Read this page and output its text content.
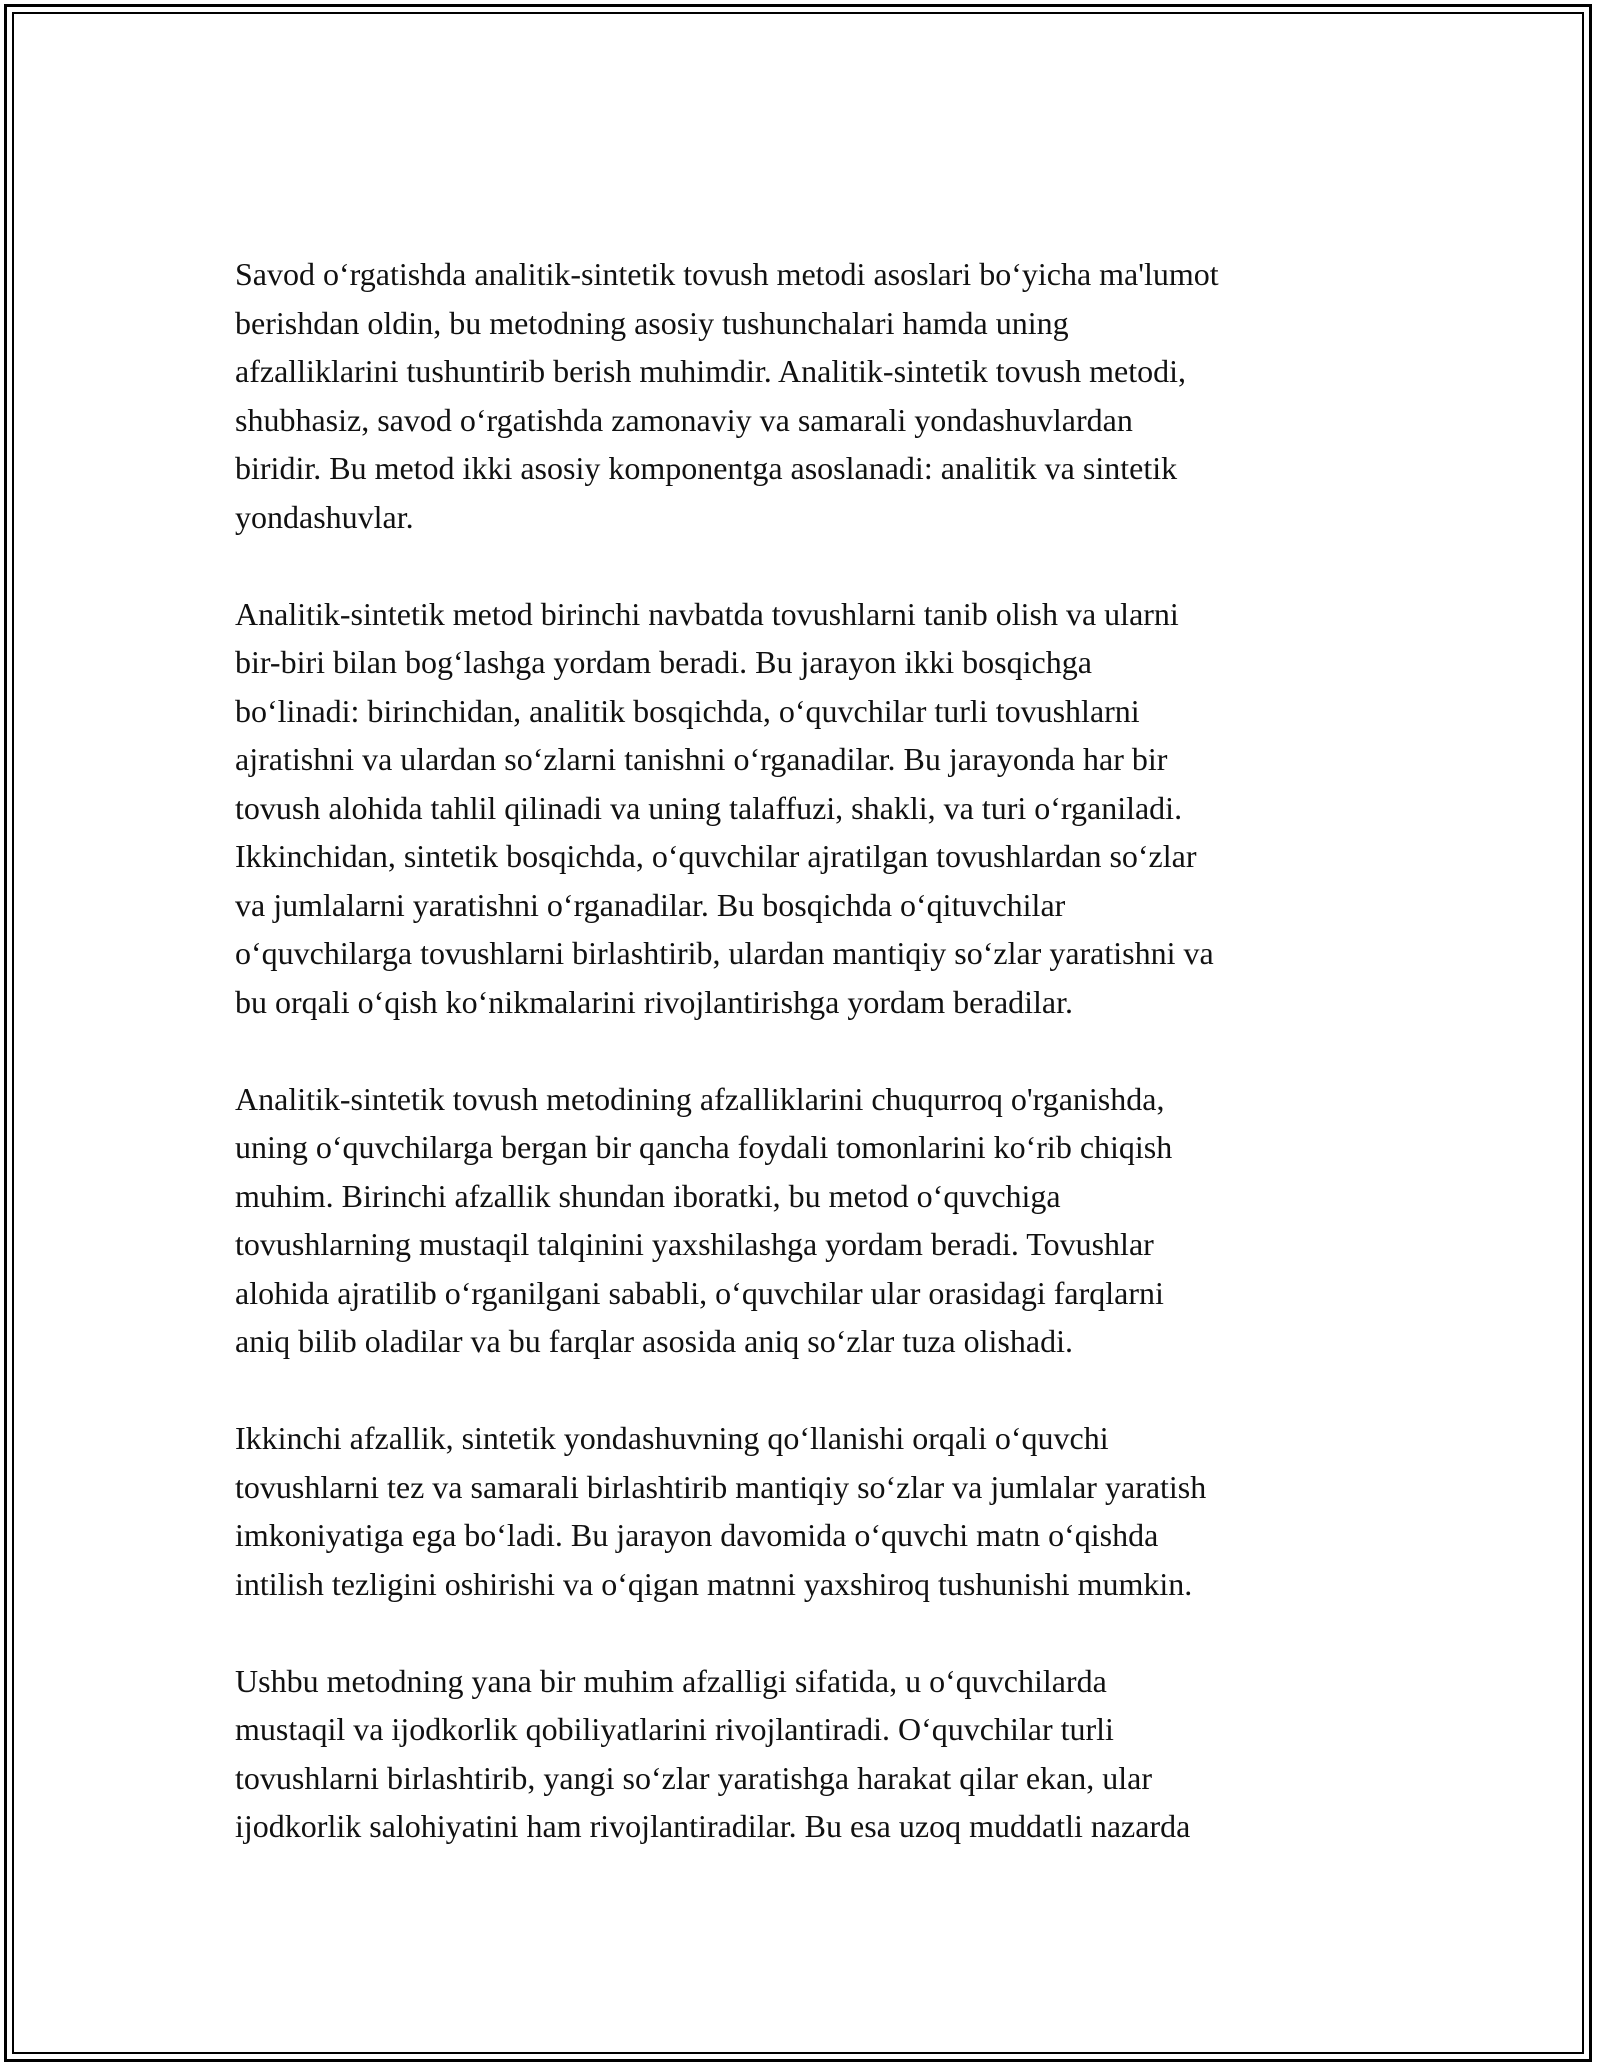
Savod o‘rgatishda analitik-sintetik tovush metodi asoslari bo‘yicha ma'lumot
berishdan oldin, bu metodning asosiy tushunchalari hamda uning
afzalliklarini tushuntirib berish muhimdir. Analitik-sintetik tovush metodi,
shubhasiz, savod o‘rgatishda zamonaviy va samarali yondashuvlardan
biridir. Bu metod ikki asosiy komponentga asoslanadi: analitik va sintetik
yondashuvlar.

Analitik-sintetik metod birinchi navbatda tovushlarni tanib olish va ularni
bir-biri bilan bog‘lashga yordam beradi. Bu jarayon ikki bosqichga
bo‘linadi: birinchidan, analitik bosqichda, o‘quvchilar turli tovushlarni
ajratishni va ulardan so‘zlarni tanishni o‘rganadilar. Bu jarayonda har bir
tovush alohida tahlil qilinadi va uning talaffuzi, shakli, va turi o‘rganiladi.
Ikkinchidan, sintetik bosqichda, o‘quvchilar ajratilgan tovushlardan so‘zlar
va jumlalarni yaratishni o‘rganadilar. Bu bosqichda o‘qituvchilar
o‘quvchilarga tovushlarni birlashtirib, ulardan mantiqiy so‘zlar yaratishni va
bu orqali o‘qish ko‘nikmalarini rivojlantirishga yordam beradilar.

Analitik-sintetik tovush metodining afzalliklarini chuqurroq o'rganishda,
uning o‘quvchilarga bergan bir qancha foydali tomonlarini ko‘rib chiqish
muhim. Birinchi afzallik shundan iboratki, bu metod o‘quvchiga
tovushlarning mustaqil talqinini yaxshilashga yordam beradi. Tovushlar
alohida ajratilib o‘rganilgani sababli, o‘quvchilar ular orasidagi farqlarni
aniq bilib oladilar va bu farqlar asosida aniq so‘zlar tuza olishadi.

Ikkinchi afzallik, sintetik yondashuvning qo‘llanishi orqali o‘quvchi
tovushlarni tez va samarali birlashtirib mantiqiy so‘zlar va jumlalar yaratish
imkoniyatiga ega bo‘ladi. Bu jarayon davomida o‘quvchi matn o‘qishda
intilish tezligini oshirishi va o‘qigan matnni yaxshiroq tushunishi mumkin.

Ushbu metodning yana bir muhim afzalligi sifatida, u o‘quvchilarda
mustaqil va ijodkorlik qobiliyatlarini rivojlantiradi. O‘quvchilar turli
tovushlarni birlashtirib, yangi so‘zlar yaratishga harakat qilar ekan, ular
ijodkorlik salohiyatini ham rivojlantiradilar. Bu esa uzoq muddatli nazarda
